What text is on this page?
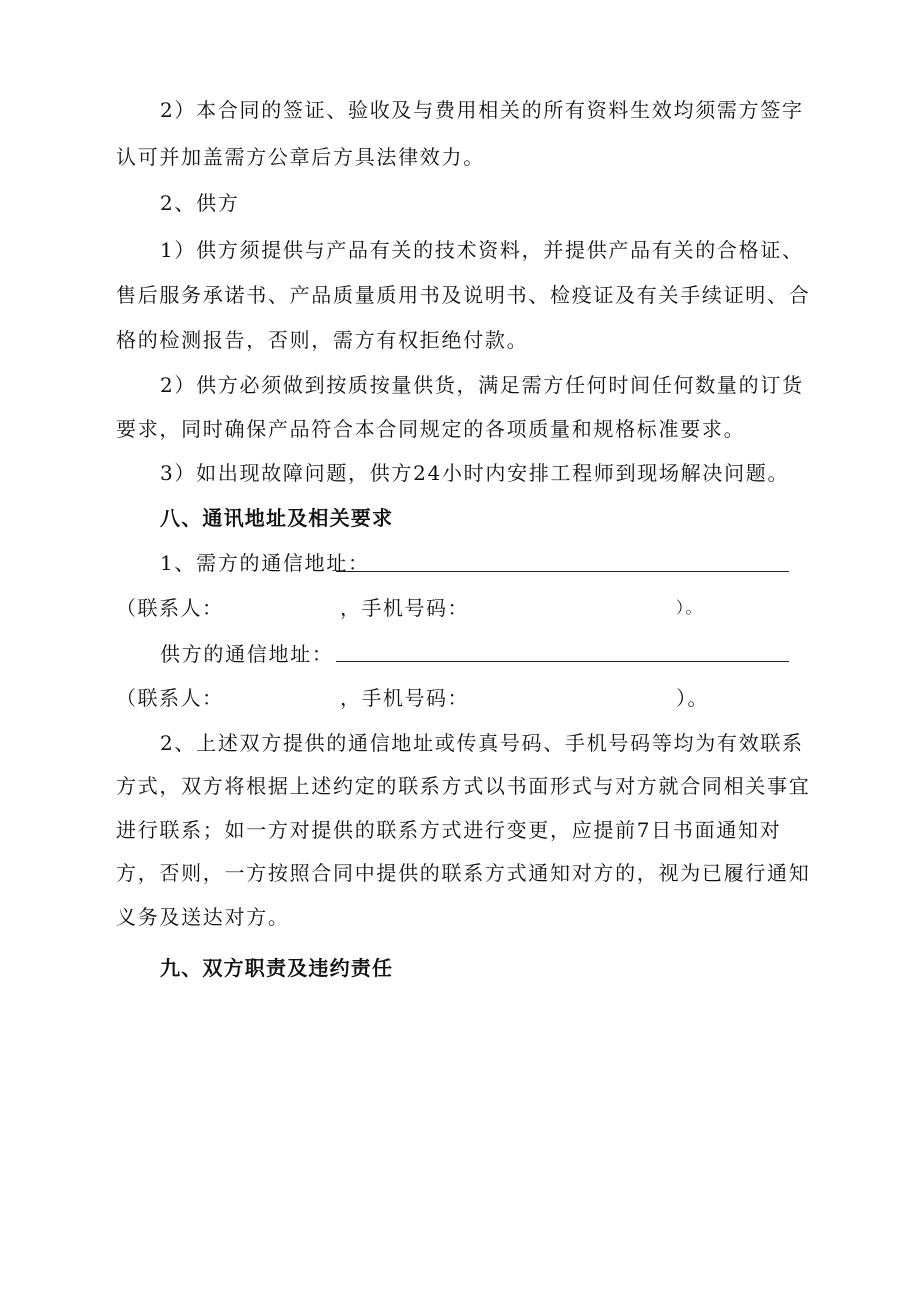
2）本合同的签证、验收及与费用相关的所有资料生效均须需方签字
认可并加盖需方公章后方具法律效力。
2、供方
1）供方须提供与产品有关的技术资料，并提供产品有关的合格证、
售后服务承诺书、产品质量质用书及说明书、检疫证及有关手续证明、合
格的检测报告，否则，需方有权拒绝付款。
2）供方必须做到按质按量供货，满足需方任何时间任何数量的订货
要求，同时确保产品符合本合同规定的各项质量和规格标准要求。
3）如出现故障问题，供方24小时内安排工程师到现场解决问题。
八、通讯地址及相关要求
1、需方的通信地址：
（联系人：	，手机号码：	）。
供方的通信地址：
（联系人：	，手机号码：	）。
2、上述双方提供的通信地址或传真号码、手机号码等均为有效联系
方式，双方将根据上述约定的联系方式以书面形式与对方就合同相关事宜
进行联系；如一方对提供的联系方式进行变更，应提前7日书面通知对
方，否则，一方按照合同中提供的联系方式通知对方的，视为已履行通知
义务及送达对方。
九、双方职责及违约责任
